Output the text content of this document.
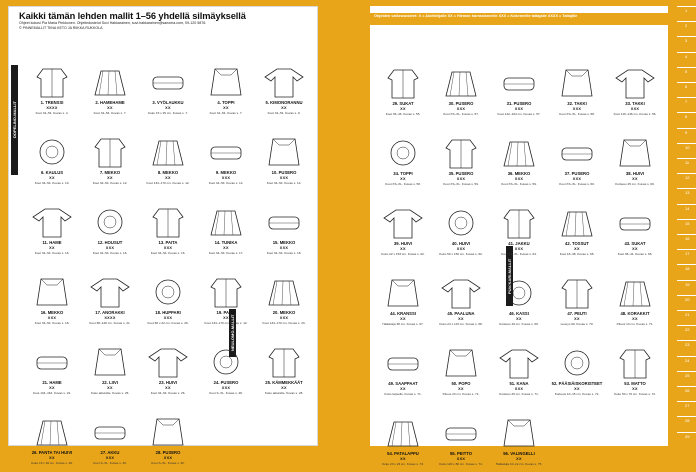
Kaikki tämän lehden mallit 1–56 yhdellä silmäyksellä
Ohjeet kokosi Pia Maria Pinkkonen. Ohjetiedustelut Suvi Hakkarainen, suvi.hakkarainen@sanoma.com, 09-120 5876.
© PINNEMALLIT TIINA KETO JA RIIKKA RUKKOLA
DOPELINO-MALLIT
NEULOMO-MALLIT
1. TRENSSI
XXXX
Koot 34–54. Kuvas s. 4.
2. HAMEHAME
XX
Koot 34–54. Kuvas s. 7.
3. VYÖLAUKKU
XX
Koko 15 x 25 cm. Kuvas s. 7.
4. TOPPI
XX
Koot 34–54. Kuvas s. 7.
5. KIMONORANNU
XX
Koot 34–54. Kuvas s. 9.
6. KAULUS
XX
Koot 34–54. Kuvas s. 10.
7. MEKKO
XX
Koot 34–54. Kuvas s. 12.
8. MEKKO
XX
Koot 134–170 cm. Kuvas s. 12.
9. MEKKO
XXX
Koot 34–54. Kuvas s. 14.
10. PUSERO
XXX
Koot 34–54. Kuvas s. 14.
11. HAME
XX
Koot 34–54. Kuvas s. 16.
12. HOUSUT
XXX
Koot 34–54. Kuvas s. 16.
13. PAITA
XXX
Koot 34–54. Kuvas s. 16.
14. TUNIKA
XX
Koot 34–54. Kuvas s. 17.
15. MEKKO
XXX
Koot 34–54. Kuvas s. 18.
16. MEKKO
XXX
Koot 34–54. Kuvas s. 18.
17. ANORAKKI
XXXX
Koot 68–128 cm. Kuvas s. 21.
18. HUPPARI
XXX
Koot 68 x 22 cm. Kuvas s. 26.
19. PAITA
XX
Koot 134–170 cm. Kuvas s. 12.
20. MEKKO
XXX
Koot 134–170 cm. Kuvas s. 23.
21. HAME
XX
Koot 134–164. Kuvas s. 24.
22. LIIVI
XX
Koko aikuisille. Kuvas s. 25.
23. HUIVI
XX
Koot 34–54. Kuvas s. 26.
24. PUSERO
XXX
Koot S–XL. Kuvas s. 28.
25. KÄMMEKKÄÄT
XX
Koko aikuisille. Kuvas s. 28.
26. PANTA TAI HUIVI
XX
Koko 15 x 94 cm. Kuvas s. 29.
27. AKKU
XXX
Koot S–XL. Kuvas s. 30.
28. PUSERO
XXX
Koot S–XL. Kuvas s. 32.
Ohjeiden vaikeusasteet: X = Aloittelijalle XX = Hieman harrastaneelle XXX = Kokeneelle taitajalle XXXX = Taitajille
PUIKKARI-MALLIT
29. SUKAT
XX
Koot 36–46. Kuvas s. 55.
30. PUSERO
XXX
Koot XS–XL. Kuvas s. 57.
31. PUSERO
XXX
Koot 122–164 cm. Kuvas s. 57.
32. TAKKI
XXX
Koot XS–XL. Kuvas s. 58.
33. TAKKI
XXX
Koot 110–146 cm. Kuvas s. 56.
34. TOPPI
XX
Koot XS–XL. Kuvas s. 58.
35. PUSERO
XXX
Koot XS–XL. Kuvas s. 59.
36. MEKKO
XXX
Koot XS–XL. Kuvas s. 59.
37. PUSERO
XXX
Koot XS–XL. Kuvas s. 60.
38. HUIVI
XX
Korkeus 45 cm. Kuvas s. 60.
39. HUIVI
XX
Koko 22 x 153 cm. Kuvas s. 62.
40. HUIVI
XXX
Koko 50 x 150 cm. Kuvas s. 62.
41. JAKKU
XXX
Koot XS–XL. Kuvas s. 64.
42. TOSSUT
XX
Koot 18–38. Kuvas s. 65.
43. SUKAT
XX
Koot 38–41. Kuvas s. 66.
44. KRANSSI
XX
Halkaisija 38 cm. Kuvas s. 67.
45. PAALUNA
XX
Koko 24 x 115 cm. Kuvas s. 68.
46. KASSI
XX
Korkeus 49 cm. Kuvas s. 69.
47. PEUTI
XX
Leveys 60. Kuvas s. 70.
48. KORAKKIT
XX
Pituus 13 cm. Kuvas s. 71.
49. SAAPPAAT
XX
Koko lapselle. Kuvas s. 71.
50. POPO
XX
Pituus 23 cm. Kuvas s. 71.
51. KANA
XXX
Korkeus 25 cm. Kuvas s. 71.
52. PÄÄSIÄISKORISTEET
XX
Korkeus 10–15 cm. Kuvas s. 72.
53. MATTO
XX
Koko 50 x 70 cm. Kuvas s. 72.
54. PATALAPPU
XX
Koko 23 x 23 cm. Kuvas s. 73.
55. PEITTO
XXX
Koko 120 x 80 cm. Kuvas s. 74.
56. VALINGELLI
XX
Halkaisija 10–12 cm. Kuvas s. 75.
1
2
3
4
5
6
7
8
9
10
11
12
13
14
15
16
17
18
19
20
21
22
23
24
25
26
27
28
29
